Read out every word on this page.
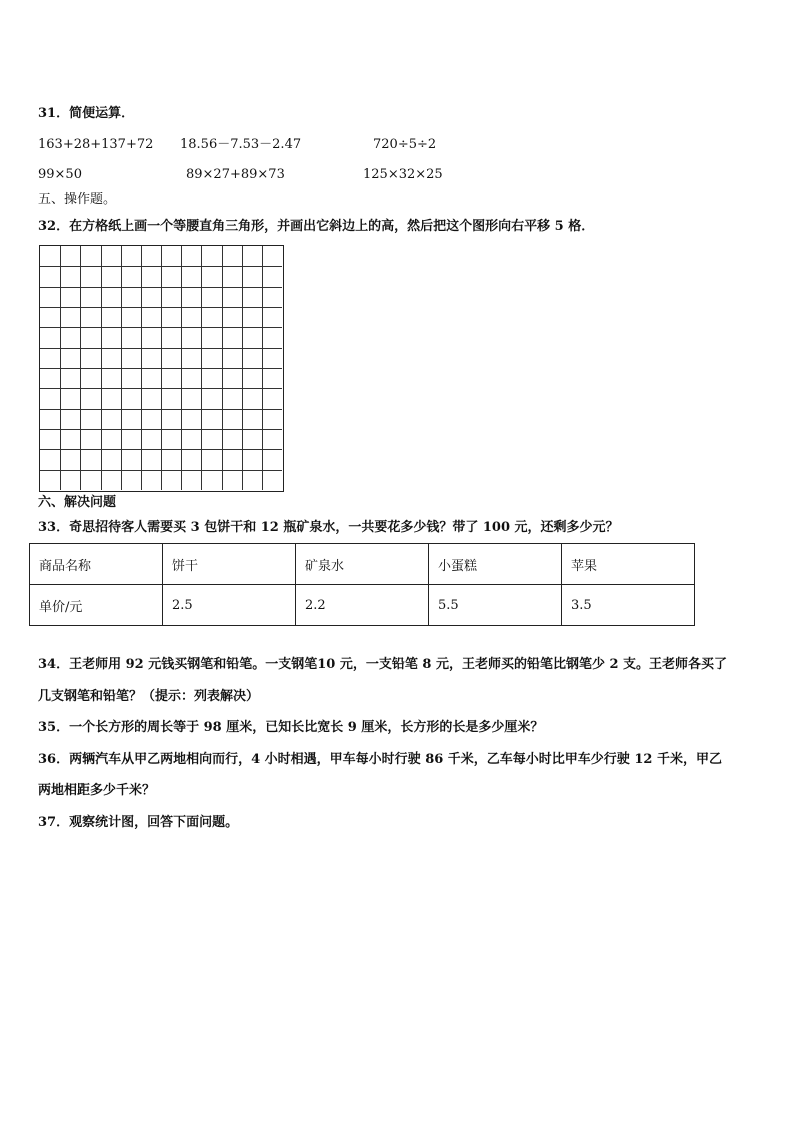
31．简便运算．
163+28+137+72 18.56－7.53－2.47	720÷5÷2
99×50	89×27+89×73	125×32×25
五、操作题。
32．在方格纸上画一个等腰直角三角形，并画出它斜边上的高，然后把这个图形向右平移 5 格．
六、解决问题
33．奇思招待客人需要买 3 包饼干和 12 瓶矿泉水，一共要花多少钱？带了 100 元，还剩多少元？
商品名称	饼干	矿泉水	小蛋糕	苹果
单价/元	2.5	2.2	5.5	3.5
34．王老师用 92 元钱买钢笔和铅笔。一支钢笔10 元，一支铅笔 8 元，王老师买的铅笔比钢笔少 2 支。王老师各买了
几支钢笔和铅笔？（提示：列表解决）
35．一个长方形的周长等于 98 厘米，已知长比宽长 9 厘米，长方形的长是多少厘米？
36．两辆汽车从甲乙两地相向而行，4 小时相遇，甲车每小时行驶 86 千米，乙车每小时比甲车少行驶 12 千米，甲乙
两地相距多少千米？
37．观察统计图，回答下面问题。
